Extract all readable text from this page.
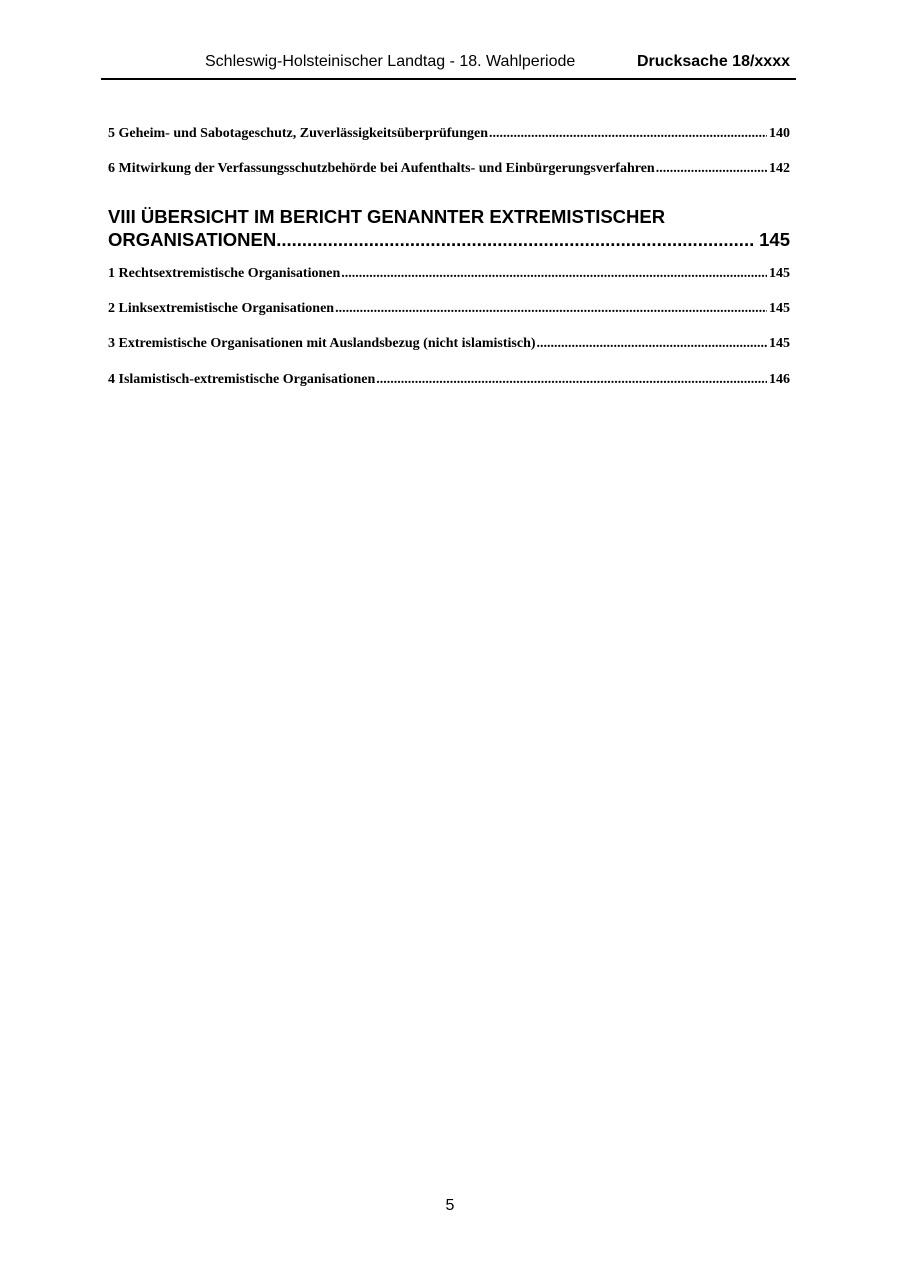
Schleswig-Holsteinischer Landtag - 18. Wahlperiode	Drucksache 18/xxxx
5 Geheim- und Sabotageschutz, Zuverlässigkeitsüberprüfungen .....	140
6 Mitwirkung der Verfassungsschutzbehörde bei Aufenthalts- und Einbürgerungsverfahren .....	142
VIII ÜBERSICHT IM BERICHT GENANNTER EXTREMISTISCHER
ORGANISATIONEN .....	145
1 Rechtsextremistische Organisationen .....	145
2 Linksextremistische Organisationen .....	145
3 Extremistische Organisationen mit Auslandsbezug (nicht islamistisch) .....	145
4 Islamistisch-extremistische Organisationen .....	146
5
